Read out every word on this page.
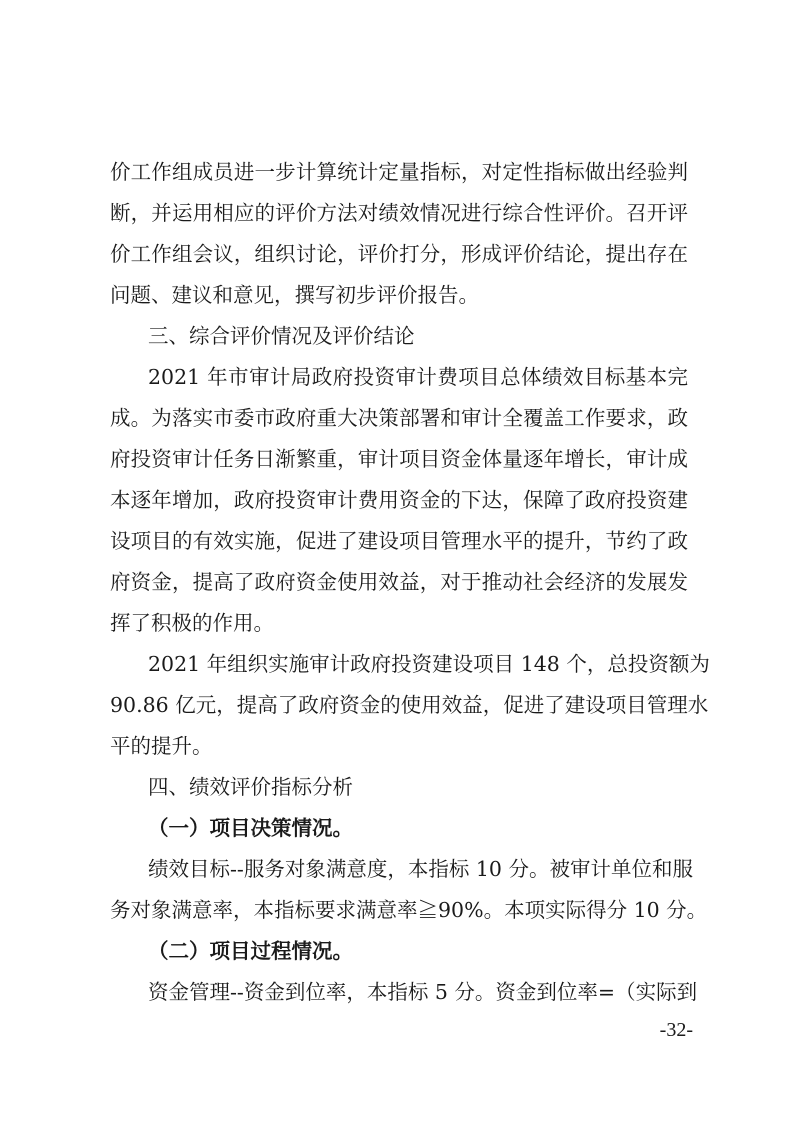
价工作组成员进一步计算统计定量指标，对定性指标做出经验判
断，并运用相应的评价方法对绩效情况进行综合性评价。召开评
价工作组会议，组织讨论，评价打分，形成评价结论，提出存在
问题、建议和意见，撰写初步评价报告。
三、综合评价情况及评价结论
2021 年市审计局政府投资审计费项目总体绩效目标基本完
成。为落实市委市政府重大决策部署和审计全覆盖工作要求，政
府投资审计任务日渐繁重，审计项目资金体量逐年增长，审计成
本逐年增加，政府投资审计费用资金的下达，保障了政府投资建
设项目的有效实施，促进了建设项目管理水平的提升，节约了政
府资金，提高了政府资金使用效益，对于推动社会经济的发展发
挥了积极的作用。
2021 年组织实施审计政府投资建设项目 148 个，总投资额为
90.86 亿元，提高了政府资金的使用效益，促进了建设项目管理水
平的提升。
四、绩效评价指标分析
（一）项目决策情况。
绩效目标--服务对象满意度，本指标 10 分。被审计单位和服
务对象满意率，本指标要求满意率≧90%。本项实际得分 10 分。
（二）项目过程情况。
资金管理--资金到位率，本指标 5 分。资金到位率=（实际到
-32-
